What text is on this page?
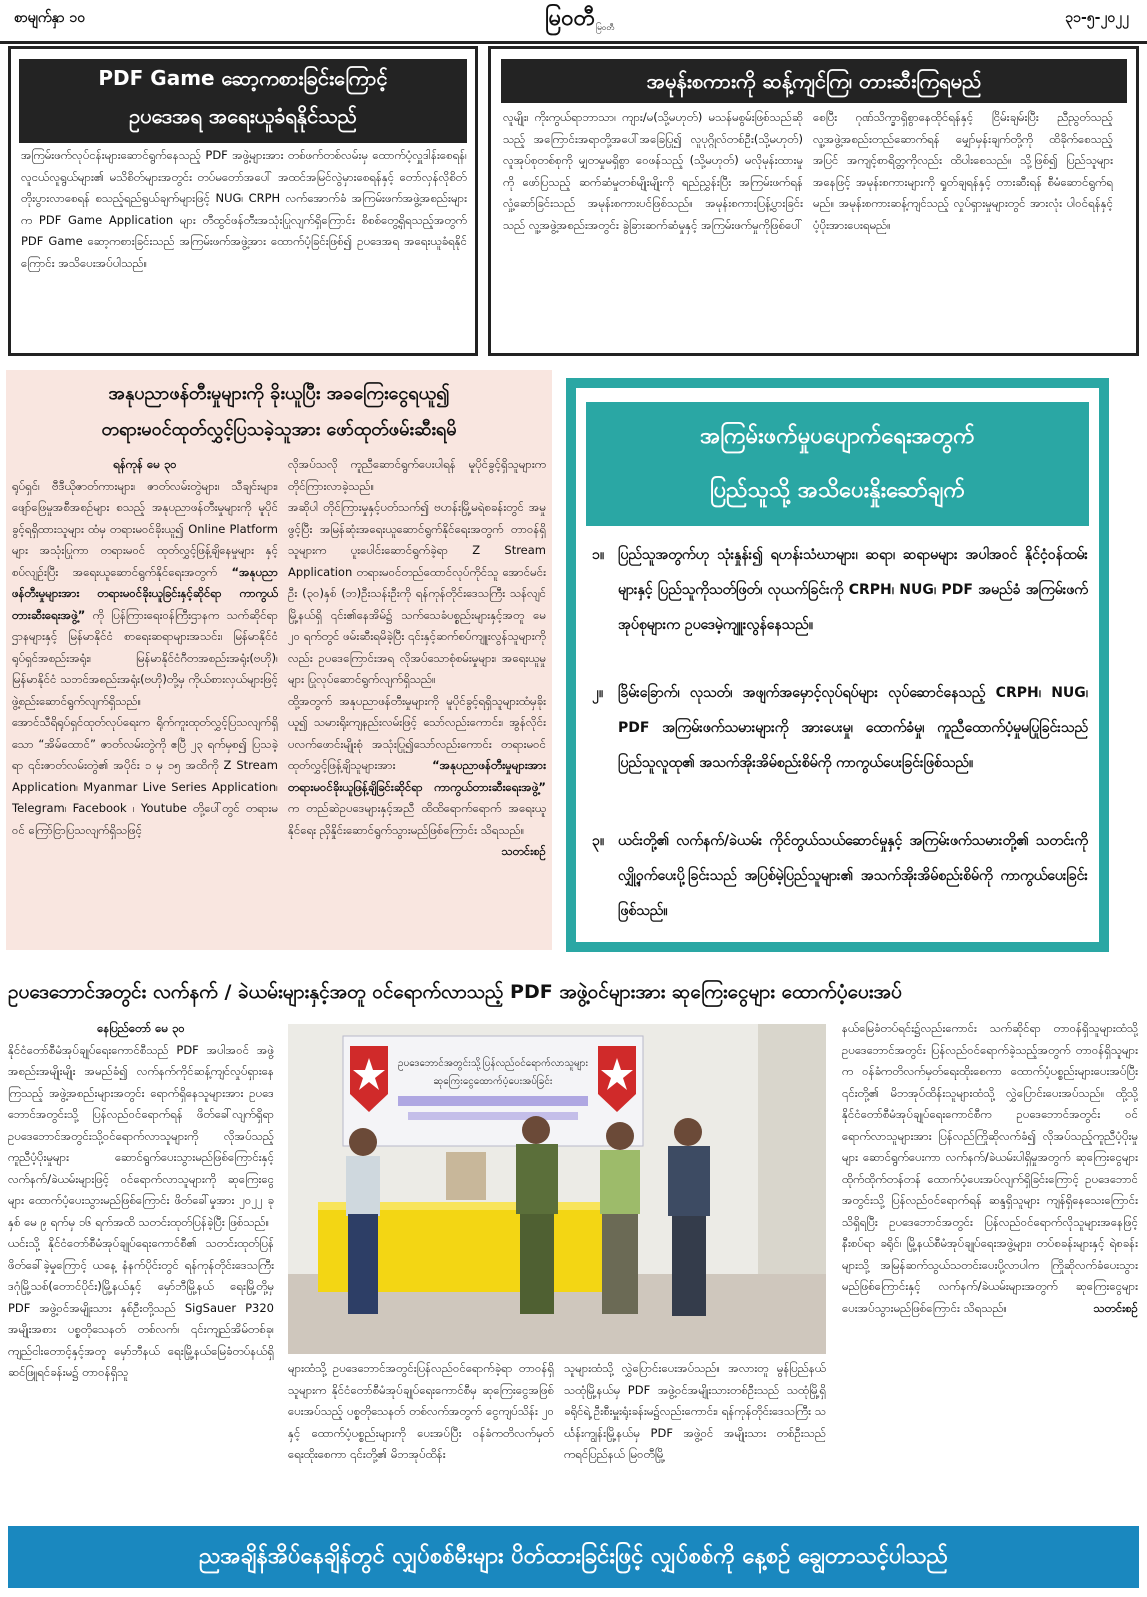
စာမျက်နှာ ၁၀	မြဝတီ မြဝတီ
၃၁-၅-၂၀၂၂
PDF Game ဆော့ကစားခြင်းကြောင့်
ဥပဒေအရ အရေးယူခံရနိုင်သည်
အကြမ်းဖက်လုပ်ငန်းများဆောင်ရွက်နေသည့် PDF အဖွဲ့များအား တစ်ဖက်တစ်လမ်းမှ ထောက်ပံ့လှူဒါန်းစေရန်၊ လူငယ်လူရွယ်များ၏ မသိစိတ်များအတွင်း တပ်မတော်အပေါ် အထင်အမြင်လွဲမှားစေရန်နှင့် တော်လှန်လိုစိတ်တိုးပွားလာစေရန် စသည့်ရည်ရွယ်ချက်များဖြင့် NUG၊ CRPH လက်အောက်ခံ အကြမ်းဖက်အဖွဲ့အစည်းများက PDF Game Application များ တီထွင်ဖန်တီးအသုံးပြုလျက်ရှိကြောင်း စိစစ်တွေ့ရှိရသည့်အတွက် PDF Game ဆော့ကစားခြင်းသည် အကြမ်းဖက်အဖွဲ့အား ထောက်ပံ့ခြင်းဖြစ်၍ ဥပဒေအရ အရေးယူခံရနိုင်ကြောင်း အသိပေးအပ်ပါသည်။
အမုန်းစကားကို ဆန့်ကျင်ကြ၊ တားဆီးကြရမည်
လူမျိုး၊ ကိုးကွယ်ရာဘာသာ၊ ကျား/မ(သို့မဟုတ်) မသန်မစွမ်းဖြစ်သည်ဆိုသည့် အကြောင်းအရာတို့အပေါ်အခြေပြု၍ လူပုဂ္ဂိုလ်တစ်ဦး(သို့မဟုတ်) လူအုပ်စုတစ်စုကို မျှတမှုမရှိစွာ ဝေဖန်သည့် (သို့မဟုတ်) မလိုမုန်းထားမှုကို ဖော်ပြသည့် ဆက်ဆံမှုတစ်မျိုးမျိုးကို ရည်ညွှန်းပြီး အကြမ်းဖက်ရန် လှုံ့ဆော်ခြင်းသည် အမုန်းစကားပင်ဖြစ်သည်။ အမုန်းစကားပြန့်ပွားခြင်းသည် လူ့အဖွဲ့အစည်းအတွင်း ခွဲခြားဆက်ဆံမှုနှင့် အကြမ်းဖက်မှုကိုဖြစ်ပေါ်
စေပြီး ဂုဏ်သိက္ခာရှိစွာနေထိုင်ရန်နှင့် ငြိမ်းချမ်းပြီး ညီညွတ်သည့် လူ့အဖွဲ့အစည်းတည်ဆောက်ရန် မျှော်မှန်းချက်တို့ကို ထိခိုက်စေသည့်အပြင် အကျင့်စာရိတ္တကိုလည်း ထိပါးစေသည်။ သို့ဖြစ်၍ ပြည်သူများအနေဖြင့် အမုန်းစကားများကို ရှုတ်ချရန်နှင့် တားဆီးရန် စီမံဆောင်ရွက်ရမည်။ အမုန်းစကားဆန့်ကျင်သည့် လှုပ်ရှားမှုများတွင် အားလုံး ပါဝင်ရန်နှင့် ပံ့ပိုးအားပေးရမည်။
အနုပညာဖန်တီးမှုများကို ခိုးယူပြီး အခကြေးငွေရယူ၍
တရားမဝင်ထုတ်လွှင့်ပြသခဲ့သူအား ဖော်ထုတ်ဖမ်းဆီးရမိ
ရန်ကုန် မေ ၃၀
ရုပ်ရှင်၊ ဗီဒီယိုဇာတ်ကားများ၊ ဇာတ်လမ်းတွဲများ၊ သီချင်းများ၊ ဖျော်ဖြေမှုအစီအစဉ်များ စသည့် အနုပညာဖန်တီးမှုများကို မူပိုင်ခွင့်ရရှိထားသူများ ထံမှ တရားမဝင်ခိုးယူ၍ Online Platform များ အသုံးပြုကာ တရားမဝင် ထုတ်လွှင့်ဖြန့်ချိနေမှုများ နှင့်စပ်လျဉ်းပြီး အရေးယူဆောင်ရွက်နိုင်ရေးအတွက် “အနုပညာဖန်တီးမှုများအား တရားမဝင်ခိုးယူခြင်းနှင့်ဆိုင်ရာ ကာကွယ်တားဆီးရေးအဖွဲ့” ကို ပြန်ကြားရေးဝန်ကြီးဌာနက သက်ဆိုင်ရာဌာနများနှင့် မြန်မာနိုင်ငံ စာရေးဆရာများအသင်း၊ မြန်မာနိုင်ငံရုပ်ရှင်အစည်းအရုံး၊ မြန်မာနိုင်ငံဂီတအစည်းအရုံး(ဗဟို)၊ မြန်မာနိုင်ငံ သဘင်အစည်းအရုံး(ဗဟို)တို့မှ ကိုယ်စားလှယ်များဖြင့် ဖွဲ့စည်းဆောင်ရွက်လျက်ရှိသည်။
အောင်သီရိရုပ်ရှင်ထုတ်လုပ်ရေးက ရိုက်ကူးထုတ်လွှင့်ပြသလျက်ရှိသော “အိမ်ထောင်” ဇာတ်လမ်းတွဲကို ဧပြီ ၂၃ ရက်မှစ၍ ပြသခဲ့ရာ ၎င်းဇာတ်လမ်းတွဲ၏ အပိုင်း ၁ မှ ၁၅ အထိကို Z Stream Application၊ Myanmar Live Series Application၊ Telegram၊ Facebook ၊ Youtube တို့ပေါ်တွင် တရားမဝင် ကြော်ငြာပြသလျက်ရှိသဖြင့်
လိုအပ်သလို ကူညီဆောင်ရွက်ပေးပါရန် မူပိုင်ခွင့်ရှိသူများက တိုင်ကြားလာခဲ့သည်။
အဆိုပါ တိုင်ကြားမှုနှင့်ပတ်သက်၍ ဗဟန်းမြို့မရဲစခန်းတွင် အမှုဖွင့်ပြီး အမြန်ဆုံးအရေးယူဆောင်ရွက်နိုင်ရေးအတွက် တာဝန်ရှိသူများက ပူးပေါင်းဆောင်ရွက်ခဲ့ရာ Z Stream Application တရားမဝင်တည်ထောင်လုပ်ကိုင်သူ အောင်မင်းဦး (၃၀)နှစ် (ဘ)ဦးသန်းဦးကို ရန်ကုန်တိုင်းဒေသကြီး သန်လျင်မြို့နယ်ရှိ ၎င်း၏နေအိမ်၌ သက်သေခံပစ္စည်းများနှင့်အတူ မေ ၂၀ ရက်တွင် ဖမ်းဆီးရမိခဲ့ပြီး ၎င်းနှင့်ဆက်စပ်ကျူးလွန်သူများကိုလည်း ဥပဒေကြောင်းအရ လိုအပ်သောစုံစမ်းမှုများ၊ အရေးယူမှုများ ပြုလုပ်ဆောင်ရွက်လျက်ရှိသည်။
ထို့အတွက် အနုပညာဖန်တီးမှုများကို မူပိုင်ခွင့်ရရှိသူများထံမှခိုးယူ၍ သမားရိုးကျနည်းလမ်းဖြင့် သော်လည်းကောင်း၊ အွန်လိုင်းပလက်ဖောင်းမျိုးစုံ အသုံးပြု၍သော်လည်းကောင်း တရားမဝင်ထုတ်လွှင့်ဖြန့်ချိသူများအား	“အနုပညာဖန်တီးမှုများအား တရားမဝင်ခိုးယူဖြန့်ချိခြင်းဆိုင်ရာ ကာကွယ်တားဆီးရေးအဖွဲ့” က တည်ဆဲဥပဒေများနှင့်အညီ ထိထိရောက်ရောက် အရေးယူနိုင်ရေး ညှိနှိုင်းဆောင်ရွက်သွားမည်ဖြစ်ကြောင်း သိရသည်။
သတင်းစဉ်
အကြမ်းဖက်မှုပပျောက်ရေးအတွက်
ပြည်သူသို့ အသိပေးနှိုးဆော်ချက်
၁။ ပြည်သူအတွက်ဟု သုံးနှုန်း၍ ရဟန်းသံဃာများ၊ ဆရာ၊ ဆရာမများ အပါအဝင် နိုင်ငံ့ဝန်ထမ်းများနှင့် ပြည်သူကိုသတ်ဖြတ်၊ လုယက်ခြင်းကို CRPH၊ NUG၊ PDF အမည်ခံ အကြမ်းဖက်အုပ်စုများက ဥပဒေမဲ့ကျူးလွန်နေသည်။
၂။	ခြိမ်းခြောက်၊ လုသတ်၊ အဖျက်အမှောင့်လုပ်ရပ်များ လုပ်ဆောင်နေသည့် CRPH၊ NUG၊ PDF အကြမ်းဖက်သမားများကို အားပေးမှု၊ ထောက်ခံမှု၊ ကူညီထောက်ပံ့မှုမပြုခြင်းသည် ပြည်သူလူထု၏ အသက်အိုးအိမ်စည်းစိမ်ကို ကာကွယ်ပေးခြင်းဖြစ်သည်။
၃။ ယင်းတို့၏ လက်နက်/ခဲယမ်း ကိုင်တွယ်သယ်ဆောင်မှုနှင့် အကြမ်းဖက်သမားတို့၏ သတင်းကို လျှို့ဝှက်ပေးပို့ခြင်းသည် အပြစ်မဲ့ပြည်သူများ၏ အသက်အိုးအိမ်စည်းစိမ်ကို ကာကွယ်ပေးခြင်းဖြစ်သည်။
ဥပဒေဘောင်အတွင်း လက်နက် / ခဲယမ်းများနှင့်အတူ ဝင်ရောက်လာသည့် PDF အဖွဲ့ဝင်များအား ဆုကြေးငွေများ ထောက်ပံ့ပေးအပ်
နေပြည်တော် မေ ၃၀
နိုင်ငံတော်စီမံအုပ်ချုပ်ရေးကောင်စီသည် PDF အပါအဝင် အဖွဲ့အစည်းအမျိုးမျိုး အမည်ခံ၍ လက်နက်ကိုင်ဆန့်ကျင်လှုပ်ရှားနေကြသည့် အဖွဲ့အစည်းများအတွင်း ရောက်ရှိနေသူများအား ဥပဒေဘောင်အတွင်းသို့ ပြန်လည်ဝင်ရောက်ရန် ဖိတ်ခေါ်လျက်ရှိရာ ဥပဒေဘောင်အတွင်းသို့ဝင်ရောက်လာသူများကို လိုအပ်သည့်ကူညီပံ့ပိုးမှုများ ဆောင်ရွက်ပေးသွားမည်ဖြစ်ကြောင်းနှင့် လက်နက်/ခဲယမ်းများဖြင့် ဝင်ရောက်လာသူများကို ဆုကြေးငွေများ ထောက်ပံ့ပေးသွားမည်ဖြစ်ကြောင်း ဖိတ်ခေါ်မှုအား ၂၀၂၂ ခုနှစ် မေ ၉ ရက်မှ ၁၆ ရက်အထိ သတင်းထုတ်ပြန်ခဲ့ပြီး ဖြစ်သည်။
ယင်းသို့ နိုင်ငံတော်စီမံအုပ်ချုပ်ရေးကောင်စီ၏ သတင်းထုတ်ပြန်ဖိတ်ခေါ်ခဲ့မှုကြောင့် ယနေ့ နံနက်ပိုင်းတွင် ရန်ကုန်တိုင်းဒေသကြီး ဒဂုံမြို့သစ်(တောင်ပိုင်း)မြို့နယ်နှင့် မှော်ဘီမြို့နယ် ရေးမြို့တို့မှ PDF အဖွဲ့ဝင်အမျိုးသား နှစ်ဦးတို့သည် SigSauer P320 အမျိုးအစား ပစ္စတိုသေနတ် တစ်လက်၊ ၎င်းကျည်အိမ်တစ်ခု၊ ကျည်ငါးတောင့်နှင့်အတူ မှော်ဘီနယ် ရေးမြို့နယ်မြေခံတပ်နယ်ရှိ ဆင်ဖြူရင်ခန်းမ၌ တာဝန်ရှိသူ
ဥပဒေဘောင်အတွင်းသို့ပြန်လည်ဝင်ရောက်လာသူများ
ဆုကြေးငွေထောက်ပံ့ပေးအပ်ခြင်း
များထံသို့ ဥပဒေဘောင်အတွင်းပြန်လည်ဝင်ရောက်ခဲ့ရာ တာဝန်ရှိသူများက နိုင်ငံတော်စီမံအုပ်ချုပ်ရေးကောင်စီမှ ဆုကြေးငွေအဖြစ် ပေးအပ်သည့် ပစ္စတိုသေနတ် တစ်လက်အတွက် ငွေကျပ်သိန်း ၂၀ နှင့် ထောက်ပံ့ပစ္စည်းများကို ပေးအပ်ပြီး ဝန်ခံကတိလက်မှတ်ရေးထိုးစေကာ ၎င်းတို့၏ မိဘအုပ်ထိန်း
သူများထံသို့ လွှဲပြောင်းပေးအပ်သည်။ အလားတူ မွန်ပြည်နယ် သထုံမြို့နယ်မှ PDF အဖွဲ့ဝင်အမျိုးသားတစ်ဦးသည် သထုံမြို့ရှိ ခရိုင်ရဲ့ ဦးစီးမှူးရုံးခန်းမ၌လည်းကောင်း၊ ရန်ကုန်တိုင်းဒေသကြီး သင်္ဃန်းကျွန်းမြို့နယ်မှ PDF အဖွဲ့ဝင် အမျိုးသား တစ်ဦးသည် ကရင်ပြည်နယ် မြဝတီမြို့
နယ်မြေခံတပ်ရင်း၌လည်းကောင်း သက်ဆိုင်ရာ တာဝန်ရှိသူများထံသို့ ဥပဒေဘောင်အတွင်း ပြန်လည်ဝင်ရောက်ခဲ့သည့်အတွက် တာဝန်ရှိသူများက ဝန်ခံကတိလက်မှတ်ရေးထိုးစေကာ ထောက်ပံ့ပစ္စည်းများပေးအပ်ပြီး ၎င်းတို့၏ မိဘအုပ်ထိန်းသူများထံသို့ လွှဲပြောင်းပေးအပ်သည်။ ထို့သို့ နိုင်ငံတော်စီမံအုပ်ချုပ်ရေးကောင်စီက ဥပဒေဘောင်အတွင်း ဝင်ရောက်လာသူများအား ပြန်လည်ကြိုဆိုလက်ခံ၍ လိုအပ်သည့်ကူညီပံ့ပိုးမှုများ ဆောင်ရွက်ပေးကာ လက်နက်/ခဲယမ်းပါရှိမှုအတွက် ဆုကြေးငွေများ ထိုက်ထိုက်တန်တန် ထောက်ပံ့ပေးအပ်လျက်ရှိခြင်းကြောင့် ဥပဒေဘောင်အတွင်းသို့ ပြန်လည်ဝင်ရောက်ရန် ဆန္ဒရှိသူများ ကျန်ရှိနေသေးကြောင်း သိရှိရပြီး ဥပဒေဘောင်အတွင်း ပြန်လည်ဝင်ရောက်လိုသူများအနေဖြင့် နီးစပ်ရာ ခရိုင်၊ မြို့နယ်စီမံအုပ်ချုပ်ရေးအဖွဲ့များ၊ တပ်စခန်းများနှင့် ရဲစခန်းများသို့ အမြန်ဆက်သွယ်သတင်းပေးပို့လာပါက ကြိုဆိုလက်ခံပေးသွားမည်ဖြစ်ကြောင်းနှင့် လက်နက်/ခဲယမ်းများအတွက် ဆုကြေးငွေများ ပေးအပ်သွားမည်ဖြစ်ကြောင်း သိရသည်။	သတင်းစဉ်
ညအချိန်အိပ်နေချိန်တွင် လျှပ်စစ်မီးများ ပိတ်ထားခြင်းဖြင့် လျှပ်စစ်ကို နေ့စဉ် ချွေတာသင့်ပါသည်
